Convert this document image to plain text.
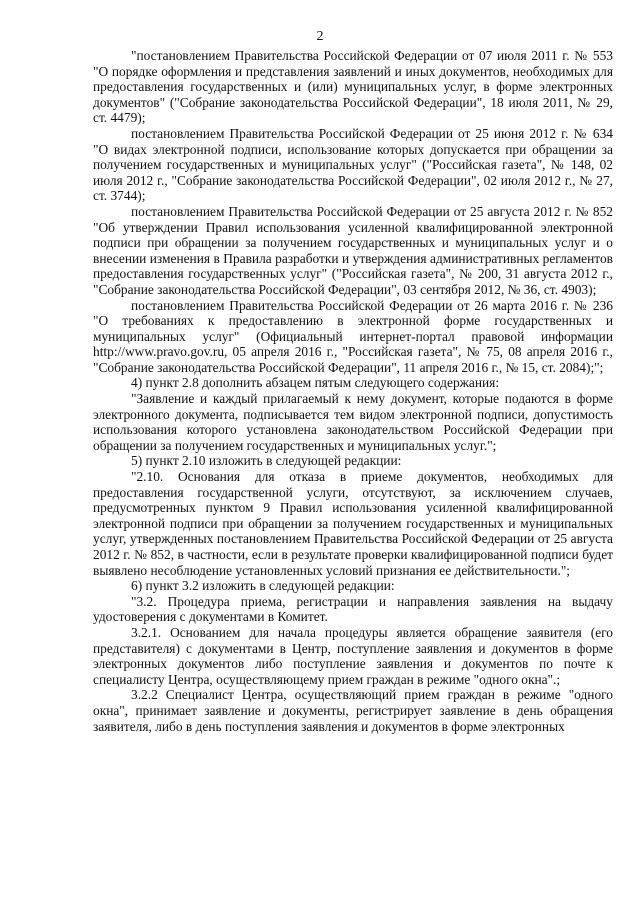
2

"постановлением Правительства Российской Федерации от 07 июля 2011 г. № 553 "О порядке оформления и представления заявлений и иных документов, необходимых для предоставления государственных и (или) муниципальных услуг, в форме электронных документов" ("Собрание законодательства Российской Федерации", 18 июля 2011, № 29, ст. 4479);

постановлением Правительства Российской Федерации от 25 июня 2012 г. № 634 "О видах электронной подписи, использование которых допускается при обращении за получением государственных и муниципальных услуг" ("Российская газета", № 148, 02 июля 2012 г., "Собрание законодательства Российской Федерации", 02 июля 2012 г., № 27, ст. 3744);

постановлением Правительства Российской Федерации от 25 августа 2012 г. № 852 "Об утверждении Правил использования усиленной квалифицированной электронной подписи при обращении за получением государственных и муниципальных услуг и о внесении изменения в Правила разработки и утверждения административных регламентов предоставления государственных услуг" ("Российская газета", № 200, 31 августа 2012 г., "Собрание законодательства Российской Федерации", 03 сентября 2012, № 36, ст. 4903);

постановлением Правительства Российской Федерации от 26 марта 2016 г. № 236 "О требованиях к предоставлению в электронной форме государственных и муниципальных услуг" (Официальный интернет-портал правовой информации http://www.pravo.gov.ru, 05 апреля 2016 г., "Российская газета", № 75, 08 апреля 2016 г., "Собрание законодательства Российской Федерации", 11 апреля 2016 г., № 15, ст. 2084);";

4) пункт 2.8 дополнить абзацем пятым следующего содержания:

"Заявление и каждый прилагаемый к нему документ, которые подаются в форме электронного документа, подписывается тем видом электронной подписи, допустимость использования которого установлена законодательством Российской Федерации при обращении за получением государственных и муниципальных услуг.";

5) пункт 2.10 изложить в следующей редакции:

"2.10. Основания для отказа в приеме документов, необходимых для предоставления государственной услуги, отсутствуют, за исключением случаев, предусмотренных пунктом 9 Правил использования усиленной квалифицированной электронной подписи при обращении за получением государственных и муниципальных услуг, утвержденных постановлением Правительства Российской Федерации от 25 августа 2012 г. № 852, в частности, если в результате проверки квалифицированной подписи будет выявлено несоблюдение установленных условий признания ее действительности.";

6) пункт 3.2 изложить в следующей редакции:

"3.2. Процедура приема, регистрации и направления заявления на выдачу удостоверения с документами в Комитет.

3.2.1. Основанием для начала процедуры является обращение заявителя (его представителя) с документами в Центр, поступление заявления и документов в форме электронных документов либо поступление заявления и документов по почте к специалисту Центра, осуществляющему прием граждан в режиме "одного окна".;

3.2.2 Специалист Центра, осуществляющий прием граждан в режиме "одного окна", принимает заявление и документы, регистрирует заявление в день обращения заявителя, либо в день поступления заявления и документов в форме электронных
